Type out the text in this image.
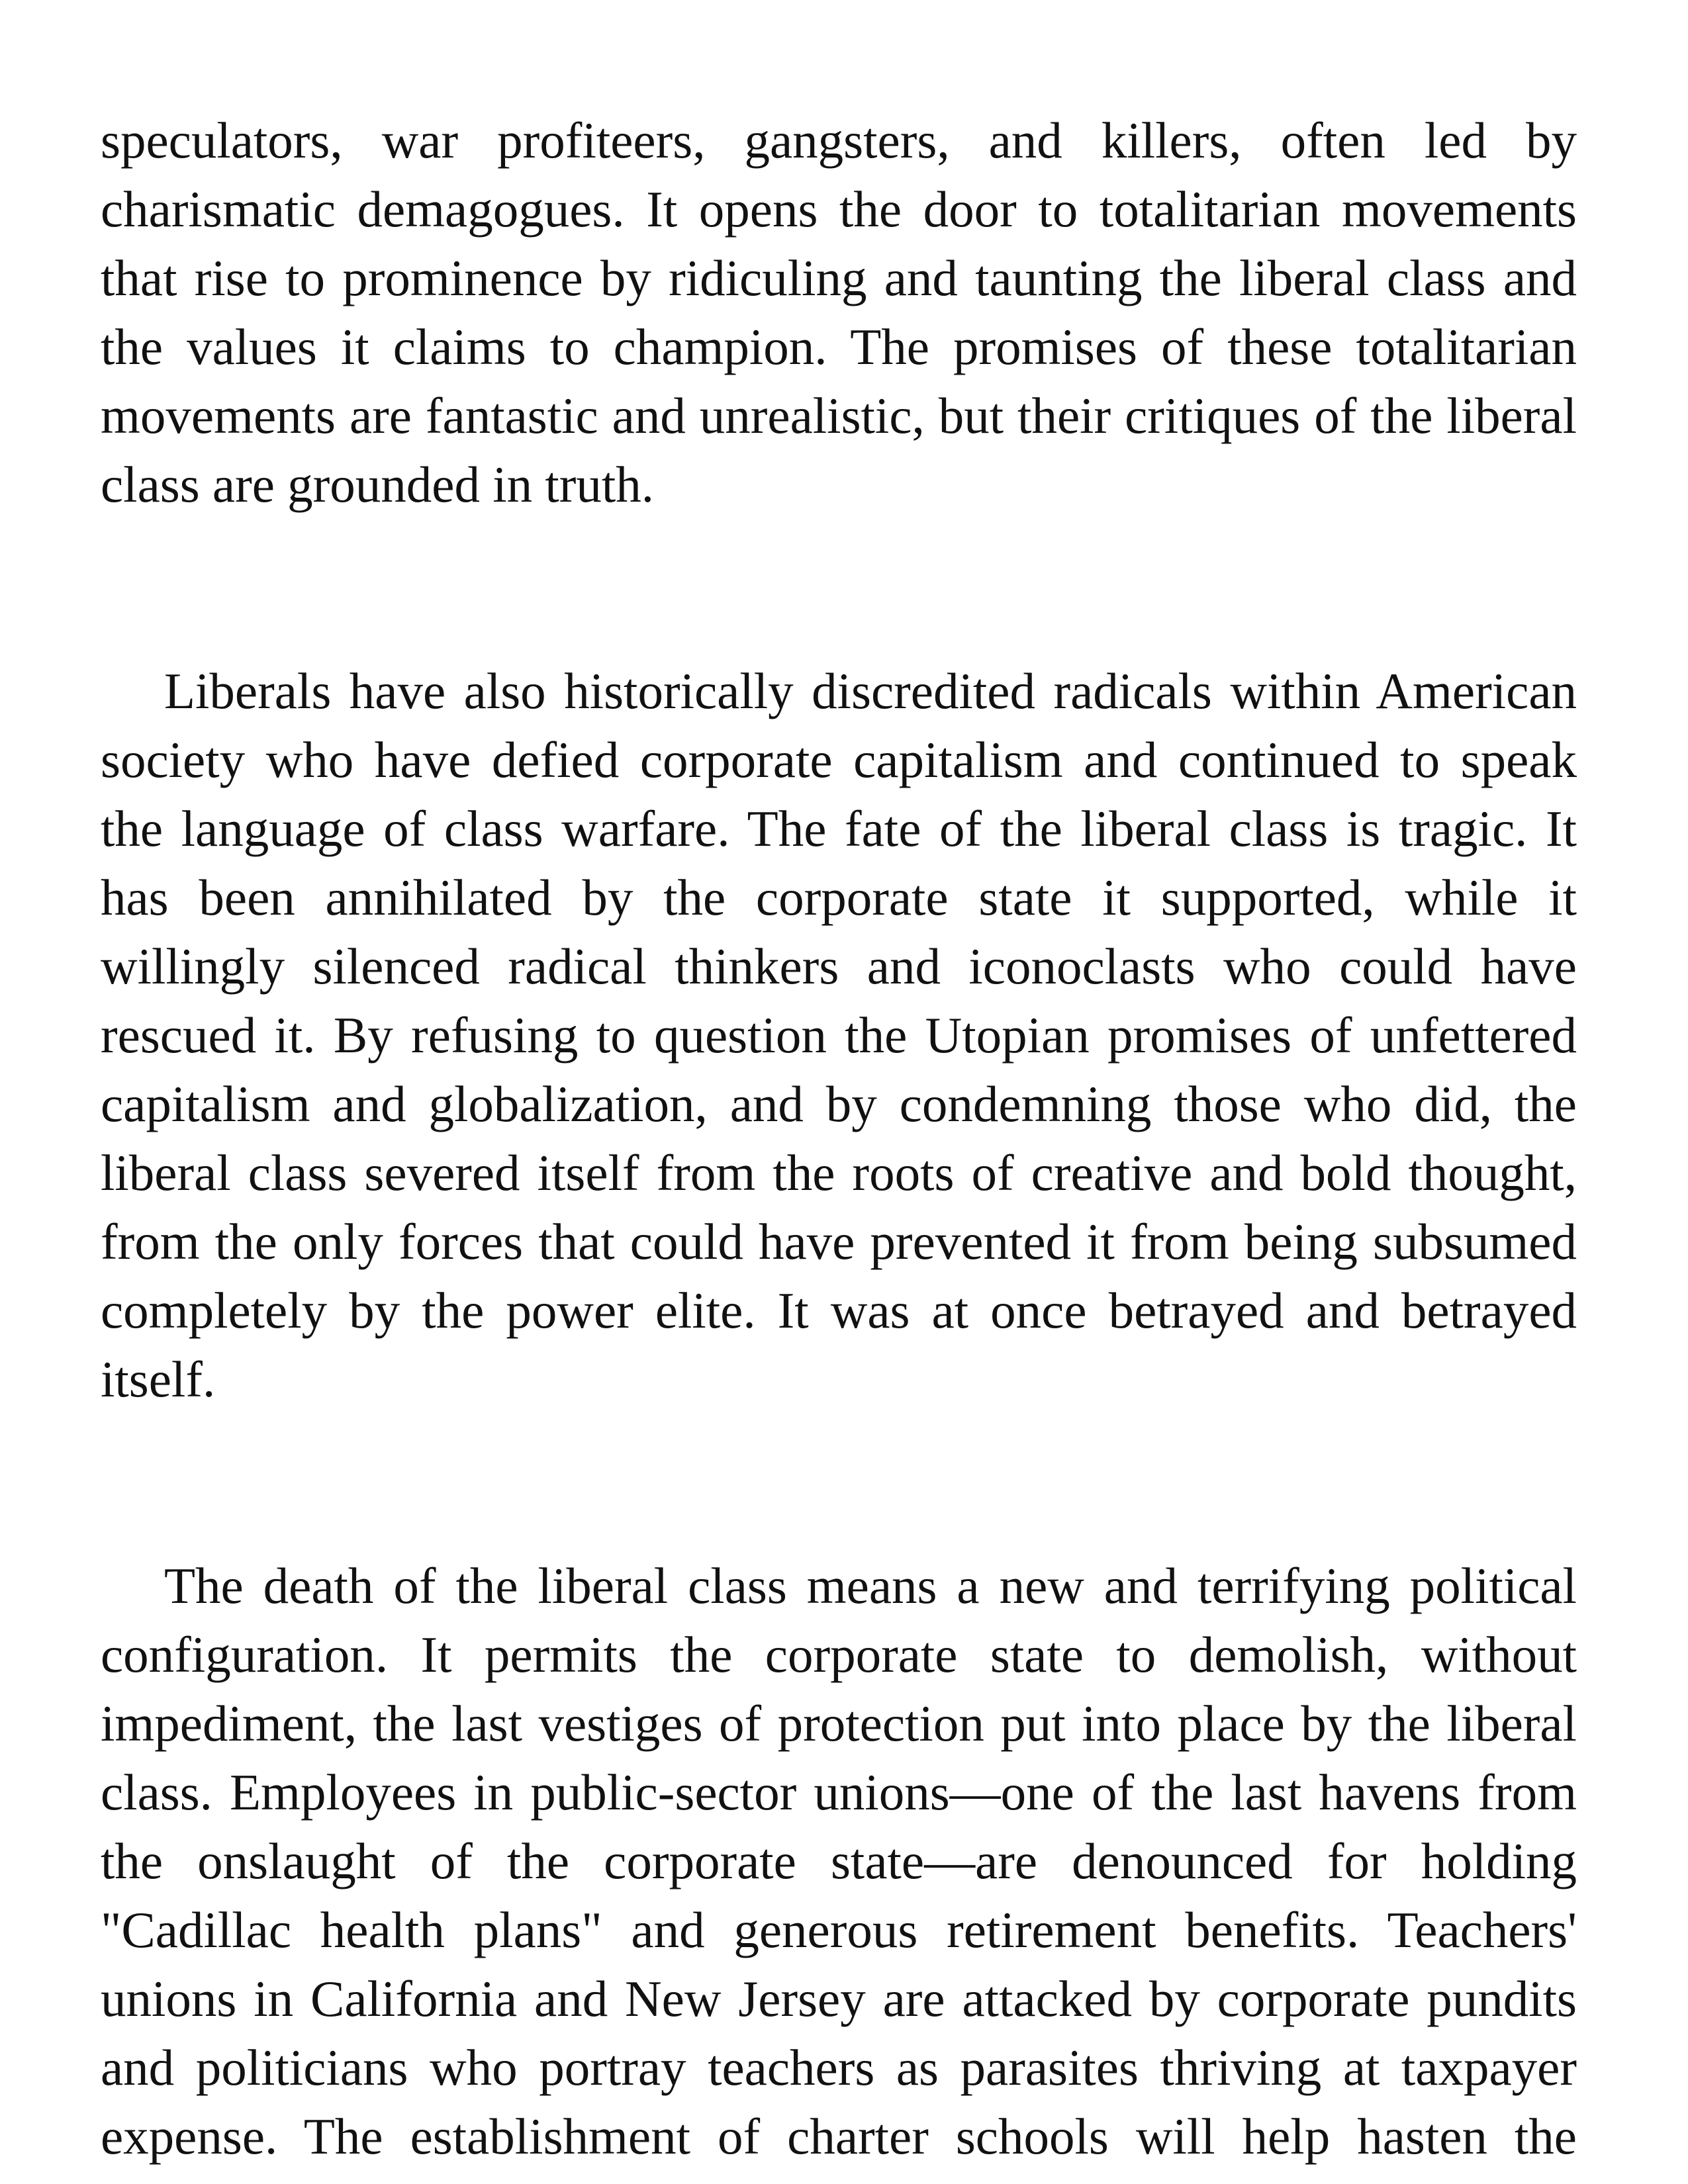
speculators, war profiteers, gangsters, and killers, often led by charismatic demagogues. It opens the door to totalitarian movements that rise to prominence by ridiculing and taunting the liberal class and the values it claims to champion. The promises of these totalitarian movements are fantastic and unrealistic, but their critiques of the liberal class are grounded in truth.

Liberals have also historically discredited radicals within American society who have defied corporate capitalism and continued to speak the language of class warfare. The fate of the liberal class is tragic. It has been annihilated by the corporate state it supported, while it willingly silenced radical thinkers and iconoclasts who could have rescued it. By refusing to question the Utopian promises of unfettered capitalism and globalization, and by condemning those who did, the liberal class severed itself from the roots of creative and bold thought, from the only forces that could have prevented it from being subsumed completely by the power elite. It was at once betrayed and betrayed itself.

The death of the liberal class means a new and terrifying political configuration. It permits the corporate state to demolish, without impediment, the last vestiges of protection put into place by the liberal class. Employees in public-sector unions—one of the last havens from the onslaught of the corporate state—are denounced for holding "Cadillac health plans" and generous retirement benefits. Teachers' unions in California and New Jersey are attacked by corporate pundits and politicians who portray teachers as parasites thriving at taxpayer expense. The establishment of charter schools will help hasten the
